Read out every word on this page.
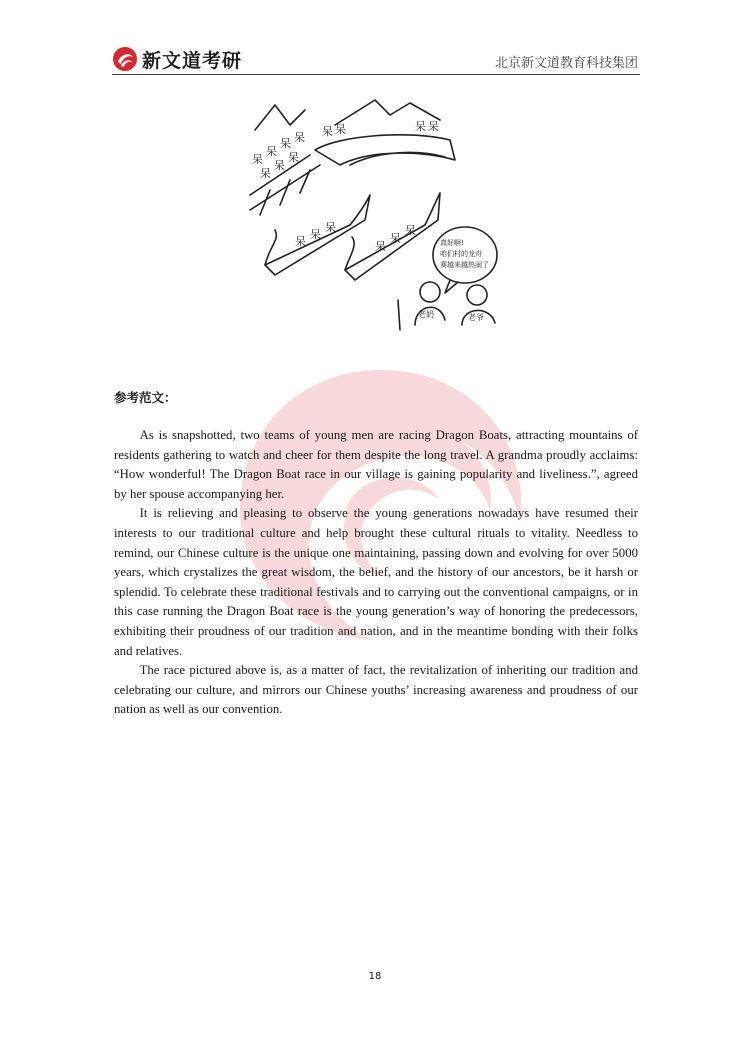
新文道考研	北京新文道教育科技集团
呆
呆
呆 呆
呆
呆
呆
呆 呆	呆 呆
呆
呆
呆
呆
呆
呆
真好啊!
咱们村的龙舟
赛越来越热闹了
老奶	老爷
参考范文：

As is snapshotted, two teams of young men are racing Dragon Boats, attracting mountains of residents gathering to watch and cheer for them despite the long travel. A grandma proudly acclaims: “How wonderful! The Dragon Boat race in our village is gaining popularity and liveliness.”, agreed by her spouse accompanying her.

It is relieving and pleasing to observe the young generations nowadays have resumed their interests to our traditional culture and help brought these cultural rituals to vitality. Needless to remind, our Chinese culture is the unique one maintaining, passing down and evolving for over 5000 years, which crystalizes the great wisdom, the belief, and the history of our ancestors, be it harsh or splendid. To celebrate these traditional festivals and to carrying out the conventional campaigns, or in this case running the Dragon Boat race is the young generation’s way of honoring the predecessors, exhibiting their proudness of our tradition and nation, and in the meantime bonding with their folks and relatives.

The race pictured above is, as a matter of fact, the revitalization of inheriting our tradition and celebrating our culture, and mirrors our Chinese youths’ increasing awareness and proudness of our nation as well as our convention.

18
